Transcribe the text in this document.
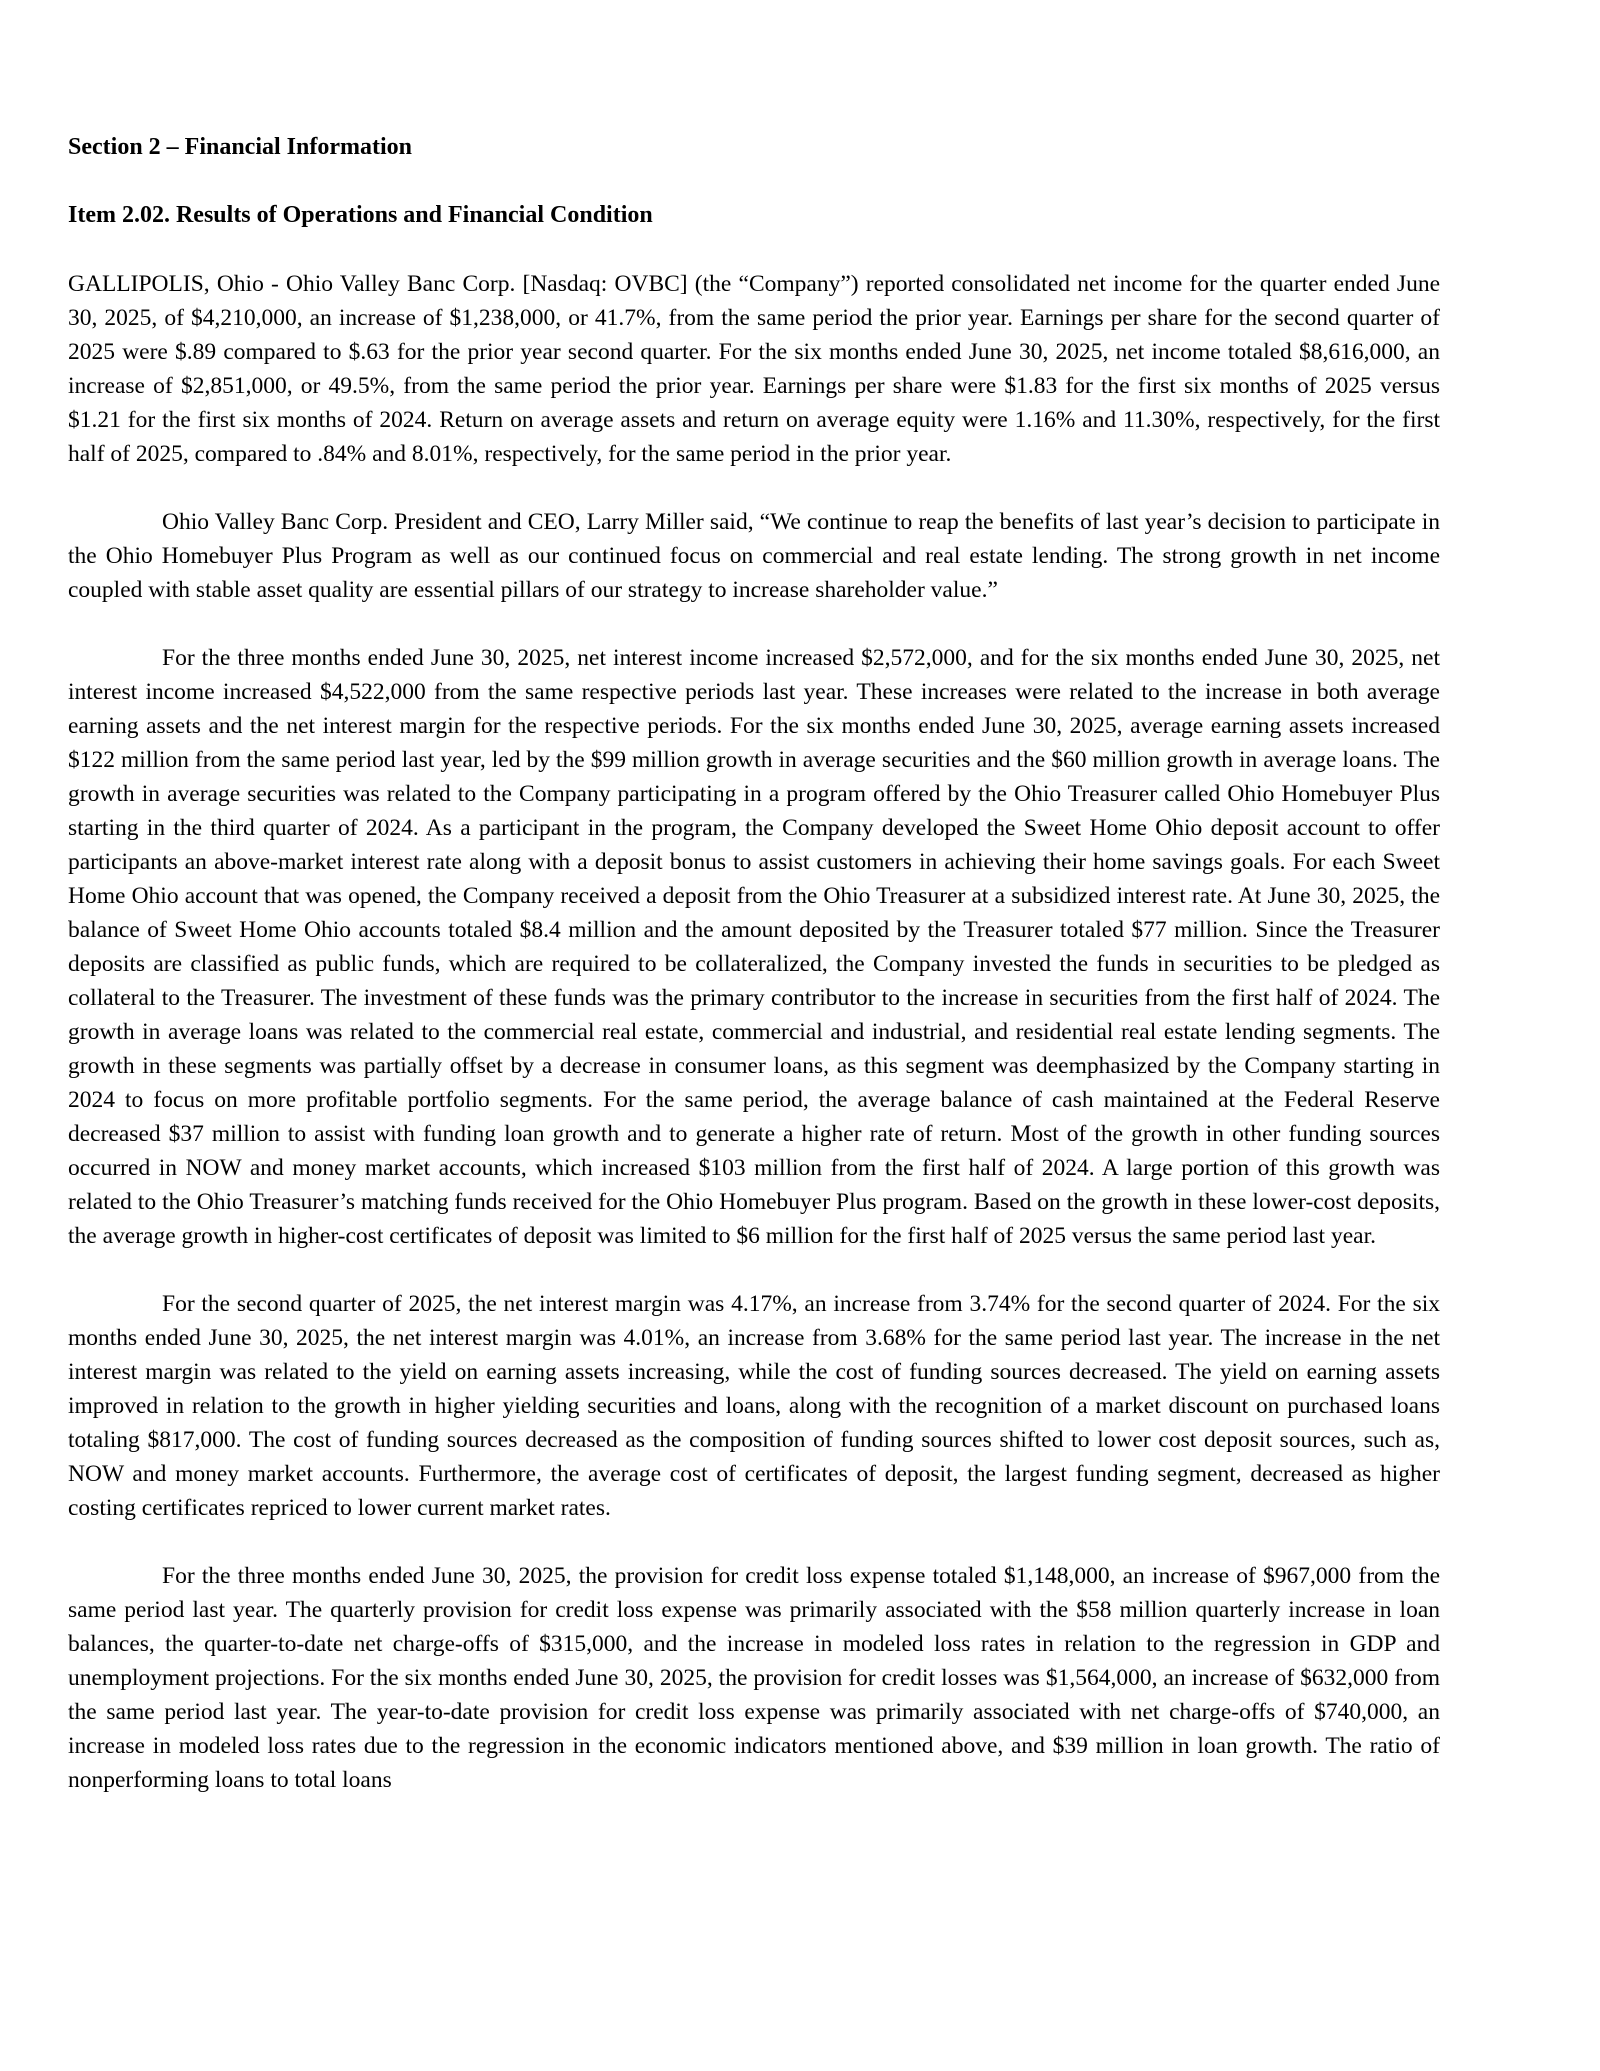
Section 2 – Financial Information

Item 2.02. Results of Operations and Financial Condition

GALLIPOLIS, Ohio - Ohio Valley Banc Corp. [Nasdaq: OVBC] (the “Company”) reported consolidated net income for the quarter ended June 30, 2025, of $4,210,000, an increase of $1,238,000, or 41.7%, from the same period the prior year. Earnings per share for the second quarter of 2025 were $.89 compared to $.63 for the prior year second quarter. For the six months ended June 30, 2025, net income totaled $8,616,000, an increase of $2,851,000, or 49.5%, from the same period the prior year. Earnings per share were $1.83 for the first six months of 2025 versus $1.21 for the first six months of 2024. Return on average assets and return on average equity were 1.16% and 11.30%, respectively, for the first half of 2025, compared to .84% and 8.01%, respectively, for the same period in the prior year.

Ohio Valley Banc Corp. President and CEO, Larry Miller said, “We continue to reap the benefits of last year’s decision to participate in the Ohio Homebuyer Plus Program as well as our continued focus on commercial and real estate lending. The strong growth in net income coupled with stable asset quality are essential pillars of our strategy to increase shareholder value.”

For the three months ended June 30, 2025, net interest income increased $2,572,000, and for the six months ended June 30, 2025, net interest income increased $4,522,000 from the same respective periods last year. These increases were related to the increase in both average earning assets and the net interest margin for the respective periods. For the six months ended June 30, 2025, average earning assets increased $122 million from the same period last year, led by the $99 million growth in average securities and the $60 million growth in average loans. The growth in average securities was related to the Company participating in a program offered by the Ohio Treasurer called Ohio Homebuyer Plus starting in the third quarter of 2024. As a participant in the program, the Company developed the Sweet Home Ohio deposit account to offer participants an above-market interest rate along with a deposit bonus to assist customers in achieving their home savings goals. For each Sweet Home Ohio account that was opened, the Company received a deposit from the Ohio Treasurer at a subsidized interest rate. At June 30, 2025, the balance of Sweet Home Ohio accounts totaled $8.4 million and the amount deposited by the Treasurer totaled $77 million. Since the Treasurer deposits are classified as public funds, which are required to be collateralized, the Company invested the funds in securities to be pledged as collateral to the Treasurer. The investment of these funds was the primary contributor to the increase in securities from the first half of 2024. The growth in average loans was related to the commercial real estate, commercial and industrial, and residential real estate lending segments. The growth in these segments was partially offset by a decrease in consumer loans, as this segment was deemphasized by the Company starting in 2024 to focus on more profitable portfolio segments. For the same period, the average balance of cash maintained at the Federal Reserve decreased $37 million to assist with funding loan growth and to generate a higher rate of return. Most of the growth in other funding sources occurred in NOW and money market accounts, which increased $103 million from the first half of 2024. A large portion of this growth was related to the Ohio Treasurer’s matching funds received for the Ohio Homebuyer Plus program. Based on the growth in these lower-cost deposits, the average growth in higher-cost certificates of deposit was limited to $6 million for the first half of 2025 versus the same period last year.

For the second quarter of 2025, the net interest margin was 4.17%, an increase from 3.74% for the second quarter of 2024. For the six months ended June 30, 2025, the net interest margin was 4.01%, an increase from 3.68% for the same period last year. The increase in the net interest margin was related to the yield on earning assets increasing, while the cost of funding sources decreased. The yield on earning assets improved in relation to the growth in higher yielding securities and loans, along with the recognition of a market discount on purchased loans totaling $817,000. The cost of funding sources decreased as the composition of funding sources shifted to lower cost deposit sources, such as, NOW and money market accounts. Furthermore, the average cost of certificates of deposit, the largest funding segment, decreased as higher costing certificates repriced to lower current market rates.

For the three months ended June 30, 2025, the provision for credit loss expense totaled $1,148,000, an increase of $967,000 from the same period last year. The quarterly provision for credit loss expense was primarily associated with the $58 million quarterly increase in loan balances, the quarter-to-date net charge-offs of $315,000, and the increase in modeled loss rates in relation to the regression in GDP and unemployment projections. For the six months ended June 30, 2025, the provision for credit losses was $1,564,000, an increase of $632,000 from the same period last year. The year-to-date provision for credit loss expense was primarily associated with net charge-offs of $740,000, an increase in modeled loss rates due to the regression in the economic indicators mentioned above, and $39 million in loan growth. The ratio of nonperforming loans to total loans
